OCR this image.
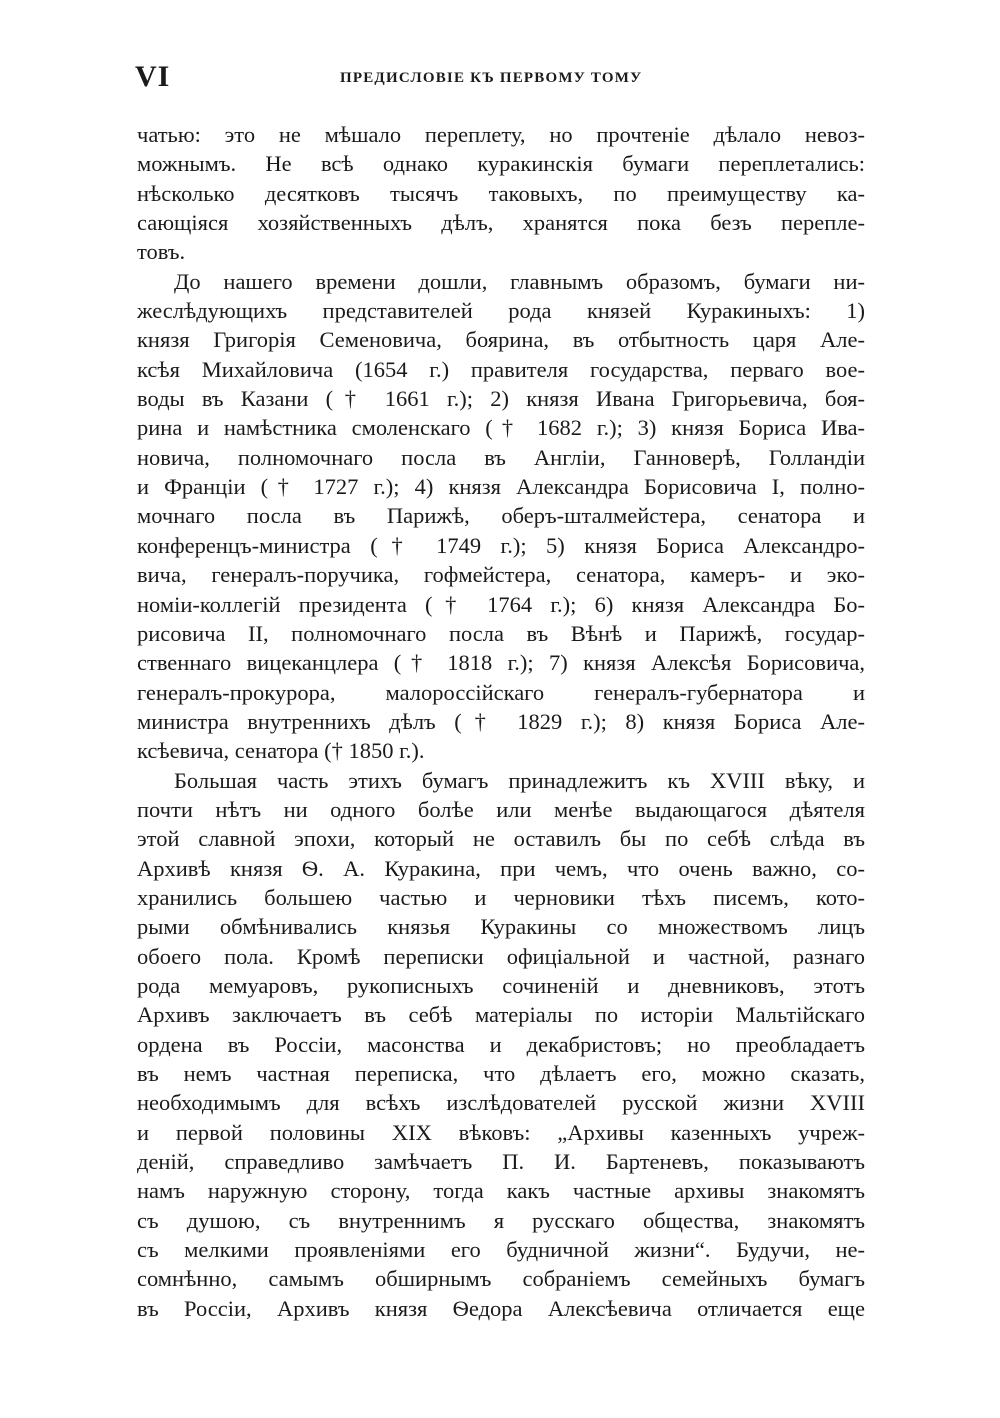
VI	ПРЕДИСЛОВІЕ КЪ ПЕРВОМУ ТОМУ
чатью: это не мѣшало переплету, но прочтеніе дѣлало невоз-
можнымъ. Не всѣ однако куракинскія бумаги переплетались:
нѣсколько десятковъ тысячъ таковыхъ, по преимуществу ка-
сающіяся хозяйственныхъ дѣлъ, хранятся пока безъ перепле-
товъ.
До нашего времени дошли, главнымъ образомъ, бумаги ни-
жеслѣдующихъ представителей рода князей Куракиныхъ: 1)
князя Григорія Семеновича, боярина, въ отбытность царя Але-
ксѣя Михайловича (1654 г.) правителя государства, перваго вое-
воды въ Казани († 1661 г.); 2) князя Ивана Григорьевича, боя-
рина и намѣстника смоленскаго († 1682 г.); 3) князя Бориса Ива-
новича, полномочнаго посла въ Англіи, Ганноверѣ, Голландіи
и Франціи († 1727 г.); 4) князя Александра Борисовича I, полно-
мочнаго посла въ Парижѣ, оберъ-шталмейстера, сенатора и
конференцъ-министра († 1749 г.); 5) князя Бориса Александро-
вича, генералъ-поручика, гофмейстера, сенатора, камеръ- и эко-
номіи-коллегій президента († 1764 г.); 6) князя Александра Бо-
рисовича II, полномочнаго посла въ Вѣнѣ и Парижѣ, государ-
ственнаго вицеканцлера († 1818 г.); 7) князя Алексѣя Борисовича,
генералъ-прокурора, малороссійскаго генералъ-губернатора и
министра внутреннихъ дѣлъ († 1829 г.); 8) князя Бориса Але-
ксѣевича, сенатора († 1850 г.).
Большая часть этихъ бумагъ принадлежитъ къ XVIII вѣку, и
почти нѣтъ ни одного болѣе или менѣе выдающагося дѣятеля
этой славной эпохи, который не оставилъ бы по себѣ слѣда въ
Архивѣ князя Ѳ. А. Куракина, при чемъ, что очень важно, со-
хранились большею частью и черновики тѣхъ писемъ, кото-
рыми обмѣнивались князья Куракины со множествомъ лицъ
обоего пола. Кромѣ переписки офиціальной и частной, разнаго
рода мемуаровъ, рукописныхъ сочиненій и дневниковъ, этотъ
Архивъ заключаетъ въ себѣ матеріалы по исторіи Мальтійскаго
ордена въ Россіи, масонства и декабристовъ; но преобладаетъ
въ немъ частная переписка, что дѣлаетъ его, можно сказать,
необходимымъ для всѣхъ изслѣдователей русской жизни XVIII
и первой половины XIX вѣковъ: „Архивы казенныхъ учреж-
деній, справедливо замѣчаетъ П. И. Бартеневъ, показываютъ
намъ наружную сторону, тогда какъ частные архивы знакомятъ
съ душою, съ внутреннимъ я русскаго общества, знакомятъ
съ мелкими проявленіями его будничной жизни“. Будучи, не-
сомнѣнно, самымъ обширнымъ собраніемъ семейныхъ бумагъ
въ Россіи, Архивъ князя Ѳедора Алексѣевича отличается еще
